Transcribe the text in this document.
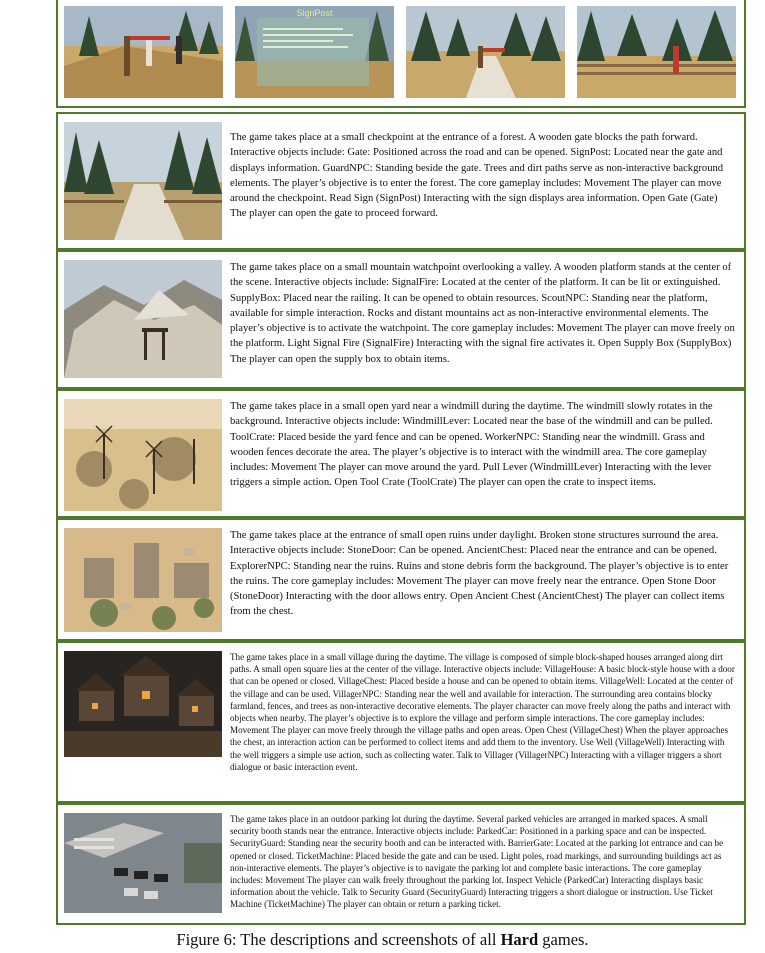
SignPost
The game takes place at a small checkpoint at the entrance of a forest. A wooden gate blocks the path forward. Interactive objects include: Gate: Positioned across the road and can be opened. SignPost: Located near the gate and displays information. GuardNPC: Standing beside the gate. Trees and dirt paths serve as non-interactive background elements. The player’s objective is to enter the forest. The core gameplay includes: Movement The player can move around the checkpoint. Read Sign (SignPost) Interacting with the sign displays area information. Open Gate (Gate) The player can open the gate to proceed forward.
The game takes place on a small mountain watchpoint overlooking a valley. A wooden platform stands at the center of the scene. Interactive objects include: SignalFire: Located at the center of the platform. It can be lit or extinguished. SupplyBox: Placed near the railing. It can be opened to obtain resources. ScoutNPC: Standing near the platform, available for simple interaction. Rocks and distant mountains act as non-interactive environmental elements. The player’s objective is to activate the watchpoint. The core gameplay includes: Movement The player can move freely on the platform. Light Signal Fire (SignalFire) Interacting with the signal fire activates it. Open Supply Box (SupplyBox) The player can open the supply box to obtain items.
The game takes place in a small open yard near a windmill during the daytime. The windmill slowly rotates in the background. Interactive objects include: WindmillLever: Located near the base of the windmill and can be pulled. ToolCrate: Placed beside the yard fence and can be opened. WorkerNPC: Standing near the windmill. Grass and wooden fences decorate the area. The player’s objective is to interact with the windmill area. The core gameplay includes: Movement The player can move around the yard. Pull Lever (WindmillLever) Interacting with the lever triggers a simple action. Open Tool Crate (ToolCrate) The player can open the crate to inspect items.
The game takes place at the entrance of small open ruins under daylight. Broken stone structures surround the area. Interactive objects include: StoneDoor: Can be opened. AncientChest: Placed near the entrance and can be opened. ExplorerNPC: Standing near the ruins. Ruins and stone debris form the background. The player’s objective is to enter the ruins. The core gameplay includes: Movement The player can move freely near the entrance. Open Stone Door (StoneDoor) Interacting with the door allows entry. Open Ancient Chest (AncientChest) The player can collect items from the chest.
The game takes place in a small village during the daytime. The village is composed of simple block-shaped houses arranged along dirt paths. A small open square lies at the center of the village. Interactive objects include: VillageHouse: A basic block-style house with a door that can be opened or closed. VillageChest: Placed beside a house and can be opened to obtain items. VillageWell: Located at the center of the village and can be used. VillagerNPC: Standing near the well and available for interaction. The surrounding area contains blocky farmland, fences, and trees as non-interactive decorative elements. The player character can move freely along the paths and interact with objects when nearby. The player’s objective is to explore the village and perform simple interactions. The core gameplay includes: Movement The player can move freely through the village paths and open areas. Open Chest (VillageChest) When the player approaches the chest, an interaction action can be performed to collect items and add them to the inventory. Use Well (VillageWell) Interacting with the well triggers a simple use action, such as collecting water. Talk to Villager (VillagerNPC) Interacting with a villager triggers a short dialogue or basic interaction event.
The game takes place in an outdoor parking lot during the daytime. Several parked vehicles are arranged in marked spaces. A small security booth stands near the entrance. Interactive objects include: ParkedCar: Positioned in a parking space and can be inspected. SecurityGuard: Standing near the security booth and can be interacted with. BarrierGate: Located at the parking lot entrance and can be opened or closed. TicketMachine: Placed beside the gate and can be used. Light poles, road markings, and surrounding buildings act as non-interactive elements. The player’s objective is to navigate the parking lot and complete basic interactions. The core gameplay includes: Movement The player can walk freely throughout the parking lot. Inspect Vehicle (ParkedCar) Interacting displays basic information about the vehicle. Talk to Security Guard (SecurityGuard) Interacting triggers a short dialogue or instruction. Use Ticket Machine (TicketMachine) The player can obtain or return a parking ticket.
Figure 6: The descriptions and screenshots of all Hard games.
